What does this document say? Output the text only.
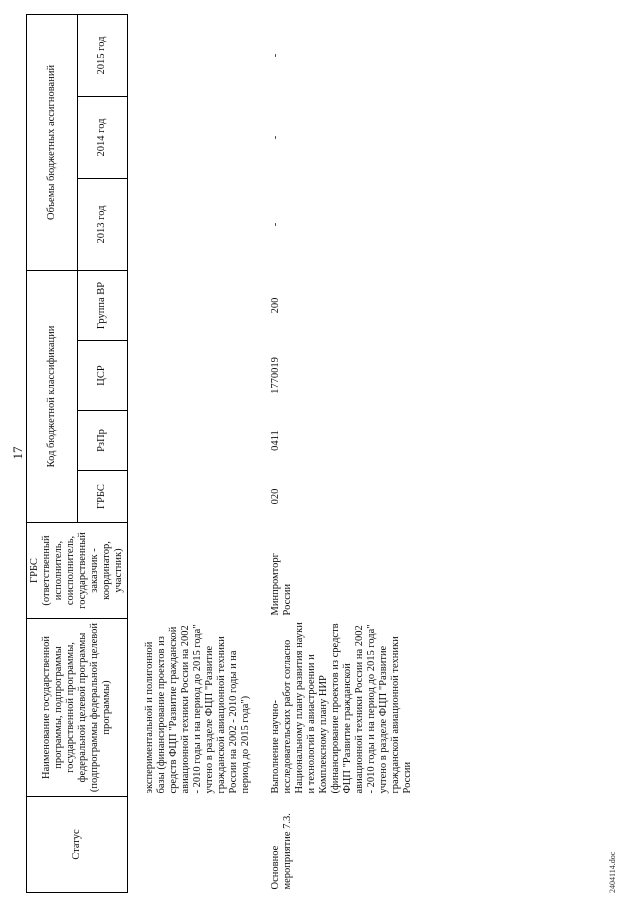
17
Статус	Наименование государственной программы, подпрограммы государственной программы, федеральной целевой программы (подпрограммы федеральной целевой программы)	ГРБС (ответственный исполнитель, соисполнитель, государственный заказчик - координатор, участник)	Код бюджетной классификации				Объемы бюджетных ассигнований		
			ГРБС	РзПр	ЦСР	Группа ВР	2013 год	2014 год	2015 год

	экспериментальной и полигонной базы (финансирование проектов из средств ФЦП "Развитие гражданской авиационной техники России на 2002 - 2010 годы и на период до 2015 года" учтено в разделе ФЦП "Развитие гражданской авиационной техники России на 2002 - 2010 годы и на период до 2015 года")								

Основное мероприятие 7.3.	Выполнение научно-исследовательских работ согласно Национальному плану развития науки и технологий в авиастроении и Комплексному плану НИР (финансирование проектов из средств ФЦП "Развитие гражданской авиационной техники России на 2002 - 2010 годы и на период до 2015 года" учтено в разделе ФЦП "Развитие гражданской авиационной техники России	Минпромторг России	020	0411	1770019	200	-	-	-
2404114.doc
